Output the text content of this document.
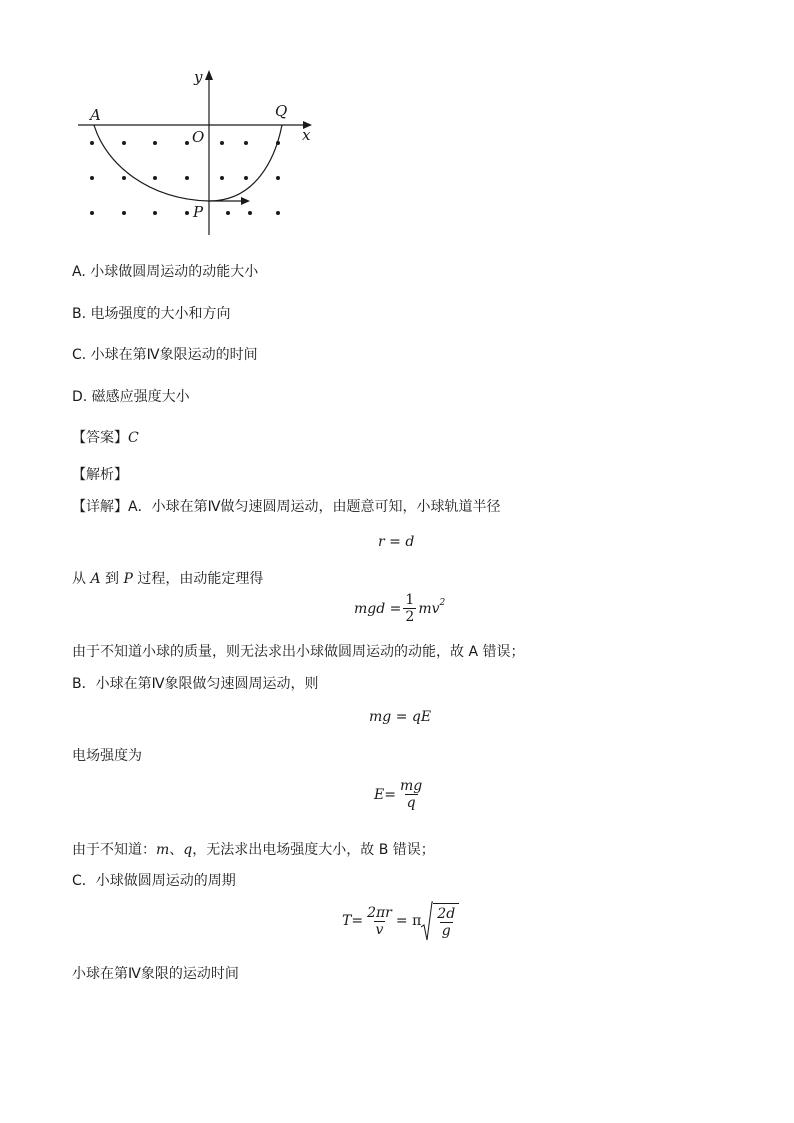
y
x
A	Q
O
P
A. 小球做圆周运动的动能大小
B. 电场强度的大小和方向
C. 小球在第Ⅳ象限运动的时间
D. 磁感应强度大小
【答案】C
【解析】
【详解】A．小球在第Ⅳ做匀速圆周运动，由题意可知，小球轨道半径
r = d
从 A 到 P 过程，由动能定理得
mgd = $\frac{1}{2} mv^2$
由于不知道小球的质量，则无法求出小球做圆周运动的动能，故 A 错误；
B．小球在第Ⅳ象限做匀速圆周运动，则
mg = qE
电场强度为
$E= \frac{mg}{q}$
由于不知道：m、q，无法求出电场强度大小，故 B 错误；
C．小球做圆周运动的周期
$T= \frac{2\pi r}{v} = \pi \frac{2d}{g}$
小球在第Ⅳ象限的运动时间
